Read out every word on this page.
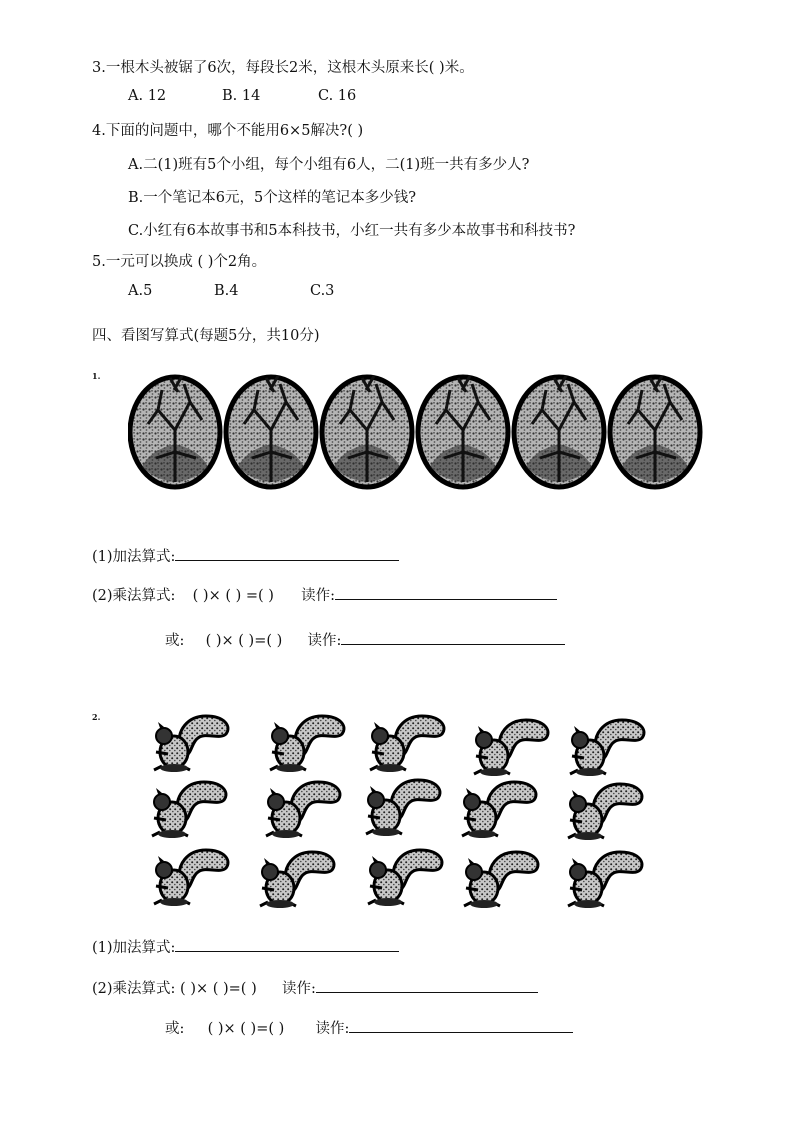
3.一根木头被锯了6次，每段长2米，这根木头原来长( )米。
A. 12	B. 14	C. 16
4.下面的问题中，哪个不能用6×5解决?( )
A.二(1)班有5个小组，每个小组有6人，二(1)班一共有多少人?
B.一个笔记本6元，5个这样的笔记本多少钱?
C.小红有6本故事书和5本科技书，小红一共有多少本故事书和科技书?
5.一元可以换成 ( )个2角。
A.5	B.4	C.3
四、看图写算式(每题5分，共10分)
1.
(1)加法算式:
(2)乘法算式: ( )× ( ) =( ) 读作:
或: ( )× ( )=( ) 读作:
2.
(1)加法算式:
(2)乘法算式: ( )× ( )=( ) 读作:
或: ( )× ( )=( ) 读作:
